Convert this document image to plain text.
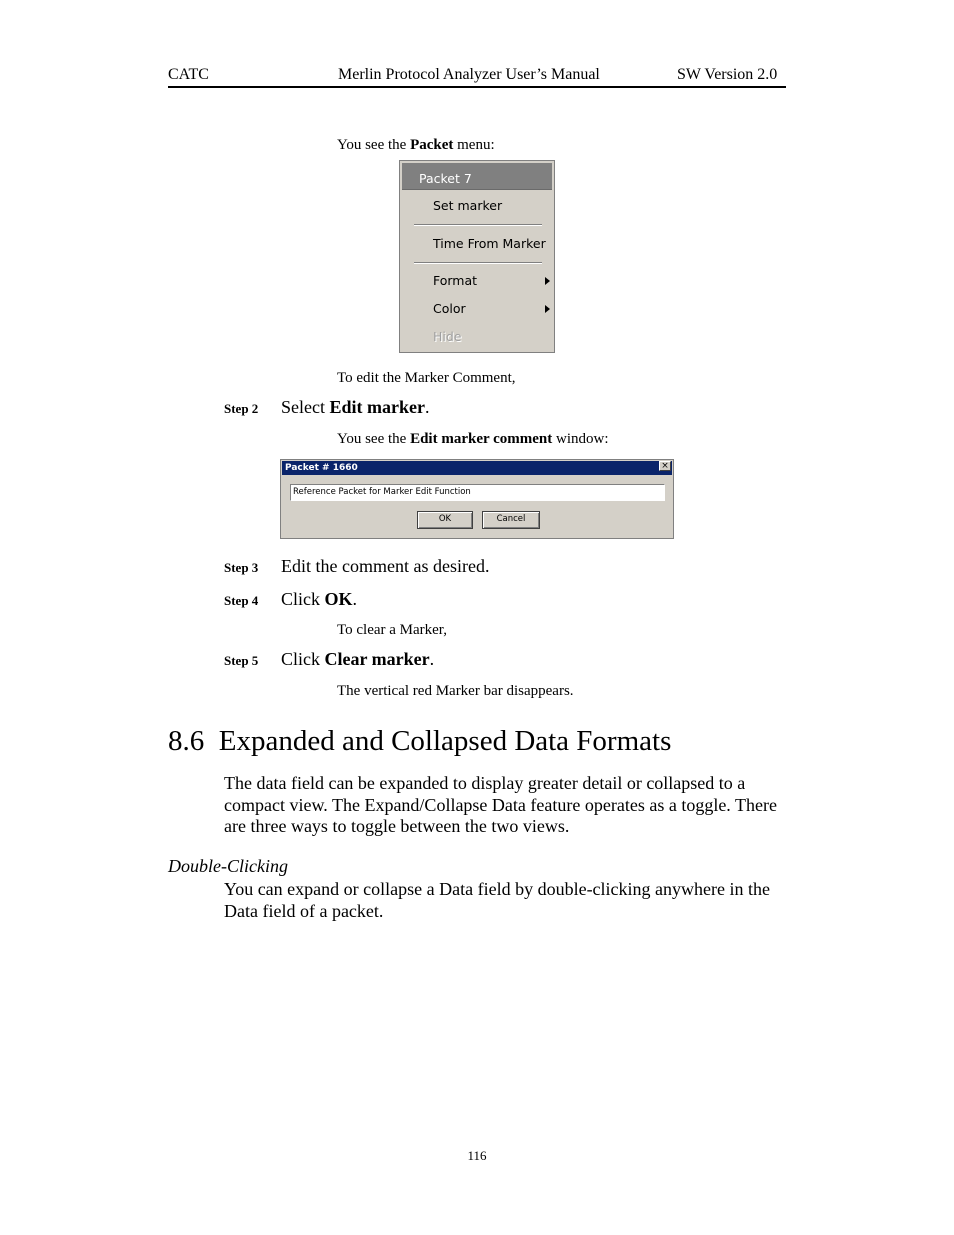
CATC	Merlin Protocol Analyzer User’s Manual	SW Version 2.0
You see the Packet menu:
Packet 7
Set marker
Time From Marker
Format
Color
Hide
To edit the Marker Comment,
Step 2 Select Edit marker.
You see the Edit marker comment window:
Packet # 1660	×
Reference Packet for Marker Edit Function
OK	Cancel
Step 3 Edit the comment as desired.
Step 4 Click OK.
To clear a Marker,
Step 5 Click Clear marker.
The vertical red Marker bar disappears.
8.6  Expanded and Collapsed Data Formats
The data field can be expanded to display greater detail or collapsed to a compact view. The Expand/Collapse Data feature operates as a toggle. There are three ways to toggle between the two views.
Double-Clicking
You can expand or collapse a Data field by double-clicking anywhere in the Data field of a packet.
116
